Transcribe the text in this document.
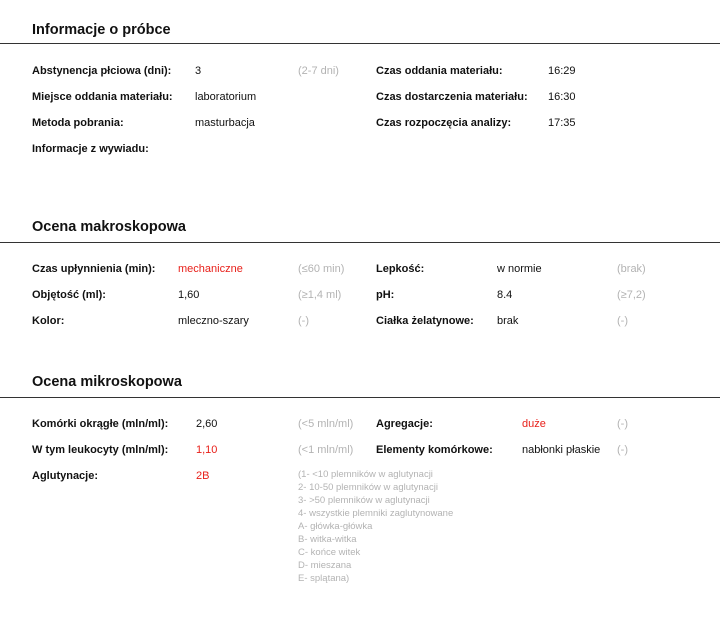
Informacje o próbce
Abstynencja płciowa (dni): 3	(2-7 dni)	Czas oddania materiału:	16:29
Miejsce oddania materiału: laboratorium	Czas dostarczenia materiału: 16:30
Metoda pobrania:	masturbacja	Czas rozpoczęcia analizy:	17:35
Informacje z wywiadu:
Ocena makroskopowa
Czas upłynnienia (min): mechaniczne	(≤60 min)	Lepkość:	w normie	(brak)
Objętość (ml):	1,60	(≥1,4 ml)	pH:	8.4	(≥7,2)
Kolor:	mleczno-szary	(-)	Ciałka żelatynowe: brak	(-)
Ocena mikroskopowa
Komórki okrągłe (mln/ml):	2,60	(<5 mln/ml) Agregacje:	duże	(-)
W tym leukocyty (mln/ml):	1,10	(<1 mln/ml) Elementy komórkowe:	nabłonki płaskie (-)
Aglutynacje:	2B	(1- <10 plemników w aglutynacji
2- 10-50 plemników w aglutynacji
3- >50 plemników w aglutynacji
4- wszystkie plemniki zaglutynowane
A- główka-główka
B- witka-witka
C- końce witek
D- mieszana
E- splątana)
